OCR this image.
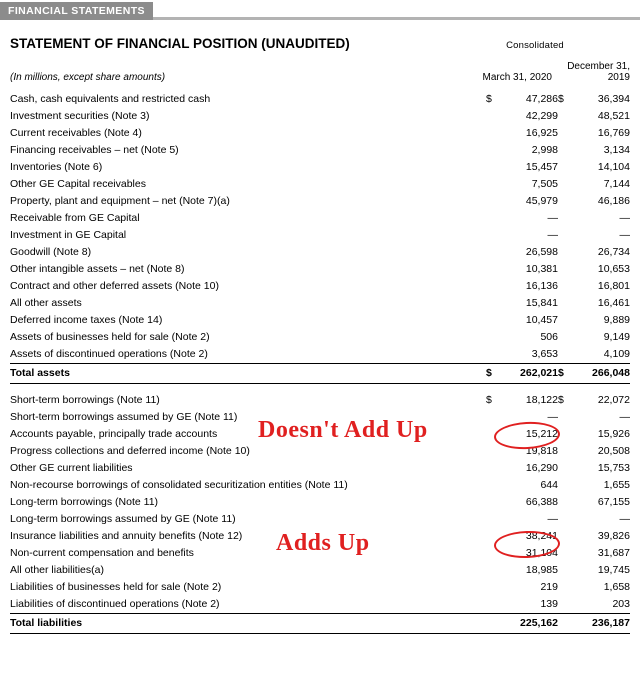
FINANCIAL STATEMENTS
STATEMENT OF FINANCIAL POSITION (UNAUDITED)	Consolidated
(In millions, except share amounts)	March 31, 2020
December 31,
2019
Cash, cash equivalents and restricted cash		$	47,286	$	36,394
Investment securities (Note 3)			42,299		48,521
Current receivables (Note 4)			16,925		16,769
Financing receivables – net (Note 5)			2,998		3,134
Inventories (Note 6)			15,457		14,104
Other GE Capital receivables			7,505		7,144
Property, plant and equipment – net (Note 7)(a)			45,979		46,186
Receivable from GE Capital			—		—
Investment in GE Capital			—		—
Goodwill (Note 8)			26,598		26,734
Other intangible assets – net (Note 8)			10,381		10,653
Contract and other deferred assets (Note 10)			16,136		16,801
All other assets			15,841		16,461
Deferred income taxes (Note 14)			10,457		9,889
Assets of businesses held for sale (Note 2)			506		9,149
Assets of discontinued operations (Note 2)			3,653		4,109
Total assets		$	262,021	$	266,048
Short-term borrowings (Note 11)		$	18,122	$	22,072
Short-term borrowings assumed by GE (Note 11)			—		—
Accounts payable, principally trade accounts			15,212		15,926
Progress collections and deferred income (Note 10)			19,818		20,508
Other GE current liabilities			16,290		15,753
Non-recourse borrowings of consolidated securitization entities (Note 11)			644		1,655
Long-term borrowings (Note 11)			66,388		67,155
Long-term borrowings assumed by GE (Note 11)			—		—
Insurance liabilities and annuity benefits (Note 12)			38,241		39,826
Non-current compensation and benefits			31,104		31,687
All other liabilities(a)			18,985		19,745
Liabilities of businesses held for sale (Note 2)			219		1,658
Liabilities of discontinued operations (Note 2)			139		203
Total liabilities			225,162		236,187
Doesn't Add Up
Adds Up
